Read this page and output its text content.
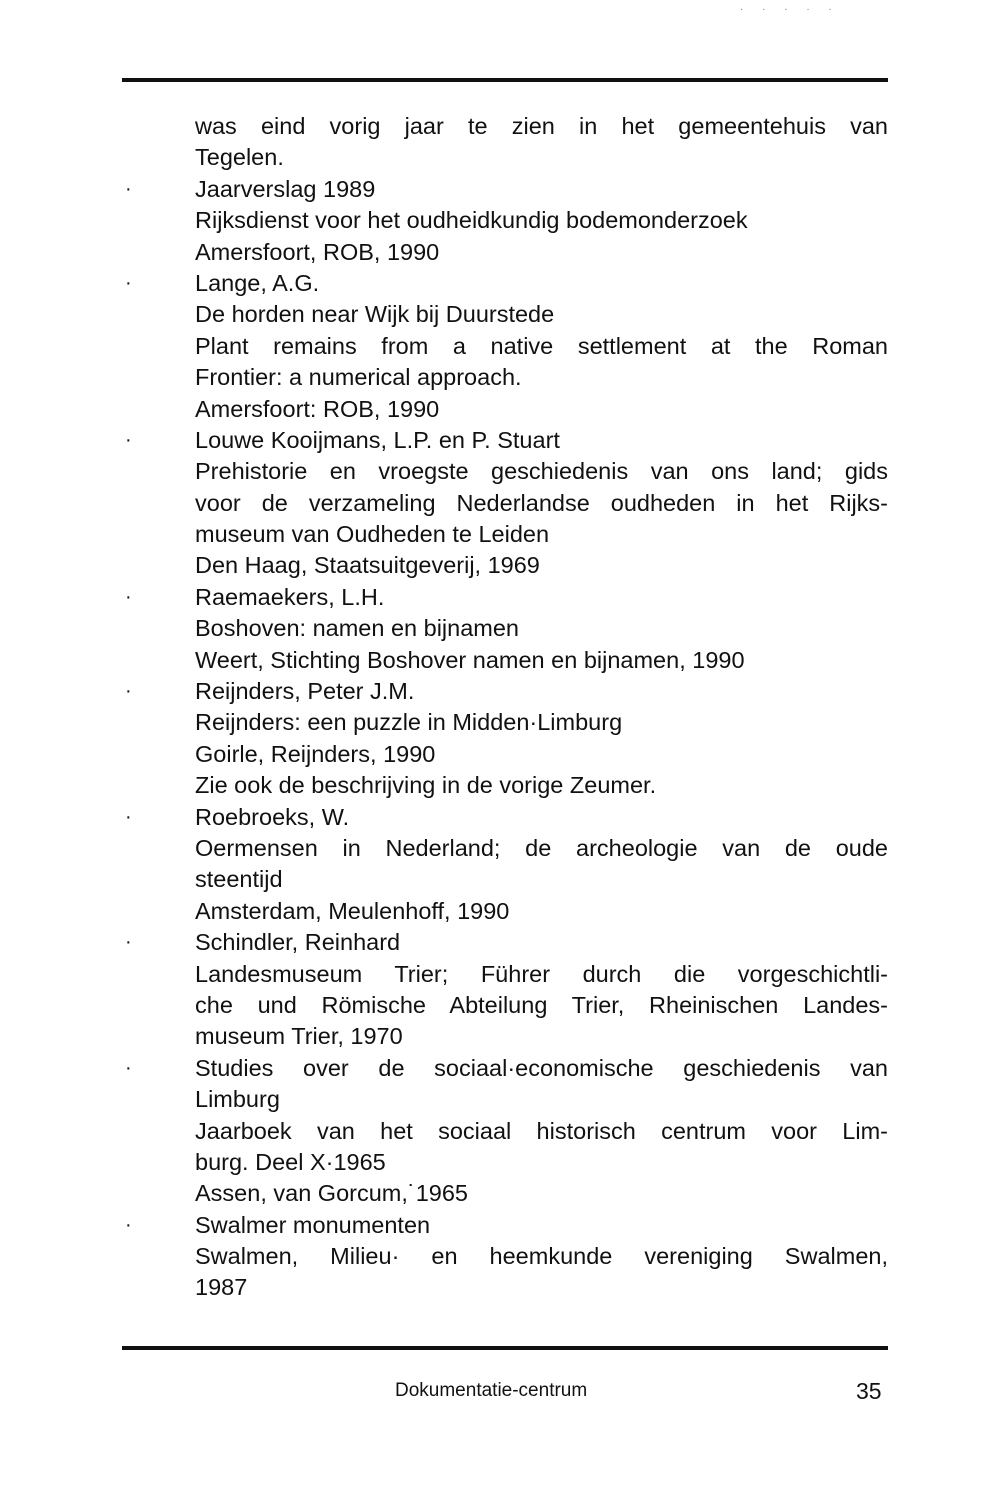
· · · · ·
was eind vorig jaar te zien in het gemeentehuis van
Tegelen.
·	Jaarverslag 1989
Rijksdienst voor het oudheidkundig bodemonderzoek
Amersfoort, ROB, 1990
·	Lange, A.G.
De horden near Wijk bij Duurstede
Plant remains from a native settlement at the Roman
Frontier: a numerical approach.
Amersfoort: ROB, 1990
·	Louwe Kooijmans, L.P. en P. Stuart
Prehistorie en vroegste geschiedenis van ons land; gids
voor de verzameling Nederlandse oudheden in het Rijks-
museum van Oudheden te Leiden
Den Haag, Staatsuitgeverij, 1969
·	Raemaekers, L.H.
Boshoven: namen en bijnamen
Weert, Stichting Boshover namen en bijnamen, 1990
·	Reijnders, Peter J.M.
Reijnders: een puzzle in Midden·Limburg
Goirle, Reijnders, 1990
Zie ook de beschrijving in de vorige Zeumer.
·	Roebroeks, W.
Oermensen in Nederland; de archeologie van de oude
steentijd
Amsterdam, Meulenhoff, 1990
·	Schindler, Reinhard
Landesmuseum Trier; Führer durch die vorgeschichtli-
che und Römische Abteilung Trier, Rheinischen Landes-
museum Trier, 1970
·	Studies over de sociaal·economische geschiedenis van
Limburg
Jaarboek van het sociaal historisch centrum voor Lim-
burg. Deel X·1965
Assen, van Gorcum,˙1965
·	Swalmer monumenten
Swalmen, Milieu· en heemkunde vereniging Swalmen,
1987
Dokumentatie-centrum	35
